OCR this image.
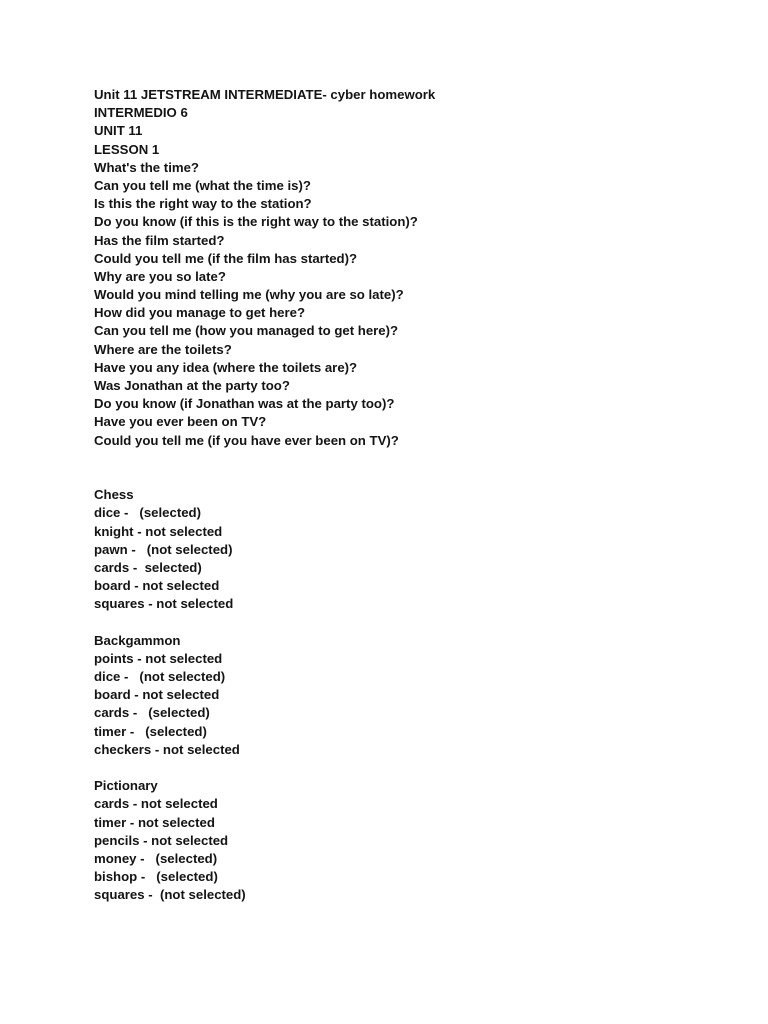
Unit 11 JETSTREAM INTERMEDIATE- cyber homework
INTERMEDIO 6
UNIT 11
LESSON 1
What's the time?
Can you tell me (what the time is)?
Is this the right way to the station?
Do you know (if this is the right way to the station)?
Has the film started?
Could you tell me (if the film has started)?
Why are you so late?
Would you mind telling me (why you are so late)?
How did you manage to get here?
Can you tell me (how you managed to get here)?
Where are the toilets?
Have you any idea (where the toilets are)?
Was Jonathan at the party too?
Do you know (if Jonathan was at the party too)?
Have you ever been on TV?
Could you tell me (if you have ever been on TV)?
Chess
dice -   (selected)
knight - not selected
pawn -   (not selected)
cards -  selected)
board - not selected
squares - not selected
Backgammon
points - not selected
dice -   (not selected)
board - not selected
cards -   (selected)
timer -   (selected)
checkers - not selected
Pictionary
cards - not selected
timer - not selected
pencils - not selected
money -   (selected)
bishop -   (selected)
squares -  (not selected)
